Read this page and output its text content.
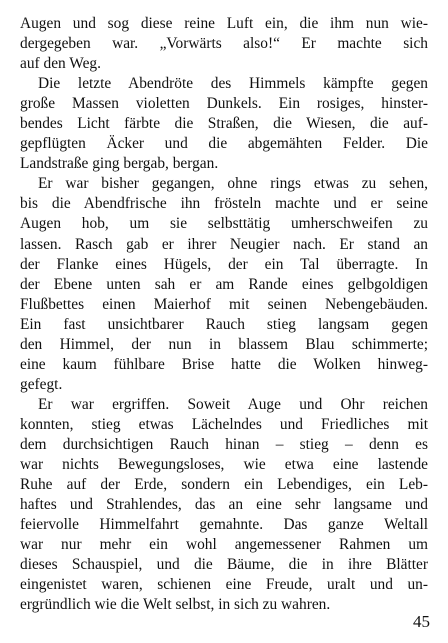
Augen und sog diese reine Luft ein, die ihm nun wie-
dergegeben war. „Vorwärts also!“ Er machte sich
auf den Weg.
Die letzte Abendröte des Himmels kämpfte gegen
große Massen violetten Dunkels. Ein rosiges, hinster-
bendes Licht färbte die Straßen, die Wiesen, die auf-
gepflügten Äcker und die abgemähten Felder. Die
Landstraße ging bergab, bergan.
Er war bisher gegangen, ohne rings etwas zu sehen,
bis die Abendfrische ihn frösteln machte und er seine
Augen hob, um sie selbsttätig umherschweifen zu
lassen. Rasch gab er ihrer Neugier nach. Er stand an
der Flanke eines Hügels, der ein Tal überragte. In
der Ebene unten sah er am Rande eines gelbgoldigen
Flußbettes einen Maierhof mit seinen Nebengebäuden.
Ein fast unsichtbarer Rauch stieg langsam gegen
den Himmel, der nun in blassem Blau schimmerte;
eine kaum fühlbare Brise hatte die Wolken hinweg-
gefegt.
Er war ergriffen. Soweit Auge und Ohr reichen
konnten, stieg etwas Lächelndes und Friedliches mit
dem durchsichtigen Rauch hinan – stieg – denn es
war nichts Bewegungsloses, wie etwa eine lastende
Ruhe auf der Erde, sondern ein Lebendiges, ein Leb-
haftes und Strahlendes, das an eine sehr langsame und
feiervolle Himmelfahrt gemahnte. Das ganze Weltall
war nur mehr ein wohl angemessener Rahmen um
dieses Schauspiel, und die Bäume, die in ihre Blätter
eingenistet waren, schienen eine Freude, uralt und un-
ergründlich wie die Welt selbst, in sich zu wahren.
45
